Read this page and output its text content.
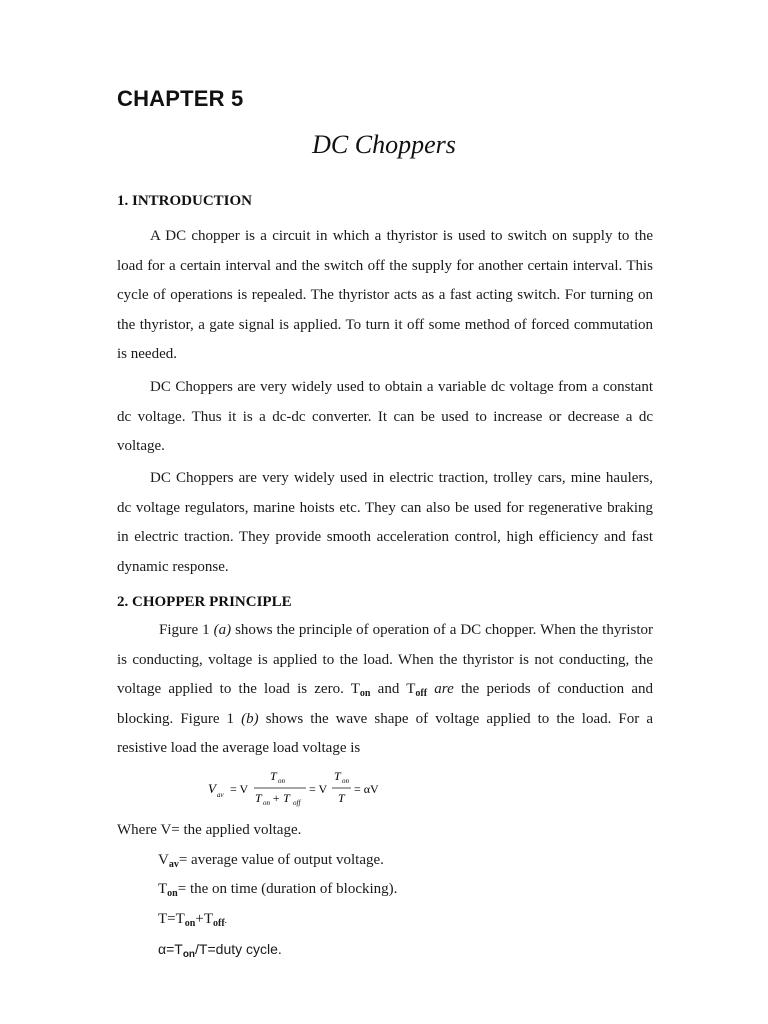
CHAPTER 5
DC Choppers
1. INTRODUCTION

A DC chopper is a circuit in which a thyristor is used to switch on supply to the load for a certain interval and the switch off the supply for another certain interval. This cycle of operations is repealed. The thyristor acts as a fast acting switch. For turning on the thyristor, a gate signal is applied. To turn it off some method of forced commutation is needed.

DC Choppers are very widely used to obtain a variable dc voltage from a constant dc voltage. Thus it is a dc-dc converter. It can be used to increase or decrease a dc voltage.

DC Choppers are very widely used in electric traction, trolley cars, mine haulers, dc voltage regulators, marine hoists etc. They can also be used for regenerative braking in electric traction. They provide smooth acceleration control, high efficiency and fast dynamic response.

2. CHOPPER PRINCIPLE

Figure 1 (a) shows the principle of operation of a DC chopper. When the thyristor is conducting, voltage is applied to the load. When the thyristor is not conducting, the voltage applied to the load is zero. $T_{on}$ and $T_{off}$ are the periods of conduction and blocking. Figure 1 (b) shows the wave shape of voltage applied to the load. For a resistive load the average load voltage is

V av = V
T on
T on + T off
= V
T on
T
= αV
Where V= the applied voltage.
$V_{av}=$ average value of output voltage.
$T_{on}=$ the on time (duration of blocking).
$T=T_{on}+T_{off}$.
$\alpha=T_{on}/T=duty$ cycle.
